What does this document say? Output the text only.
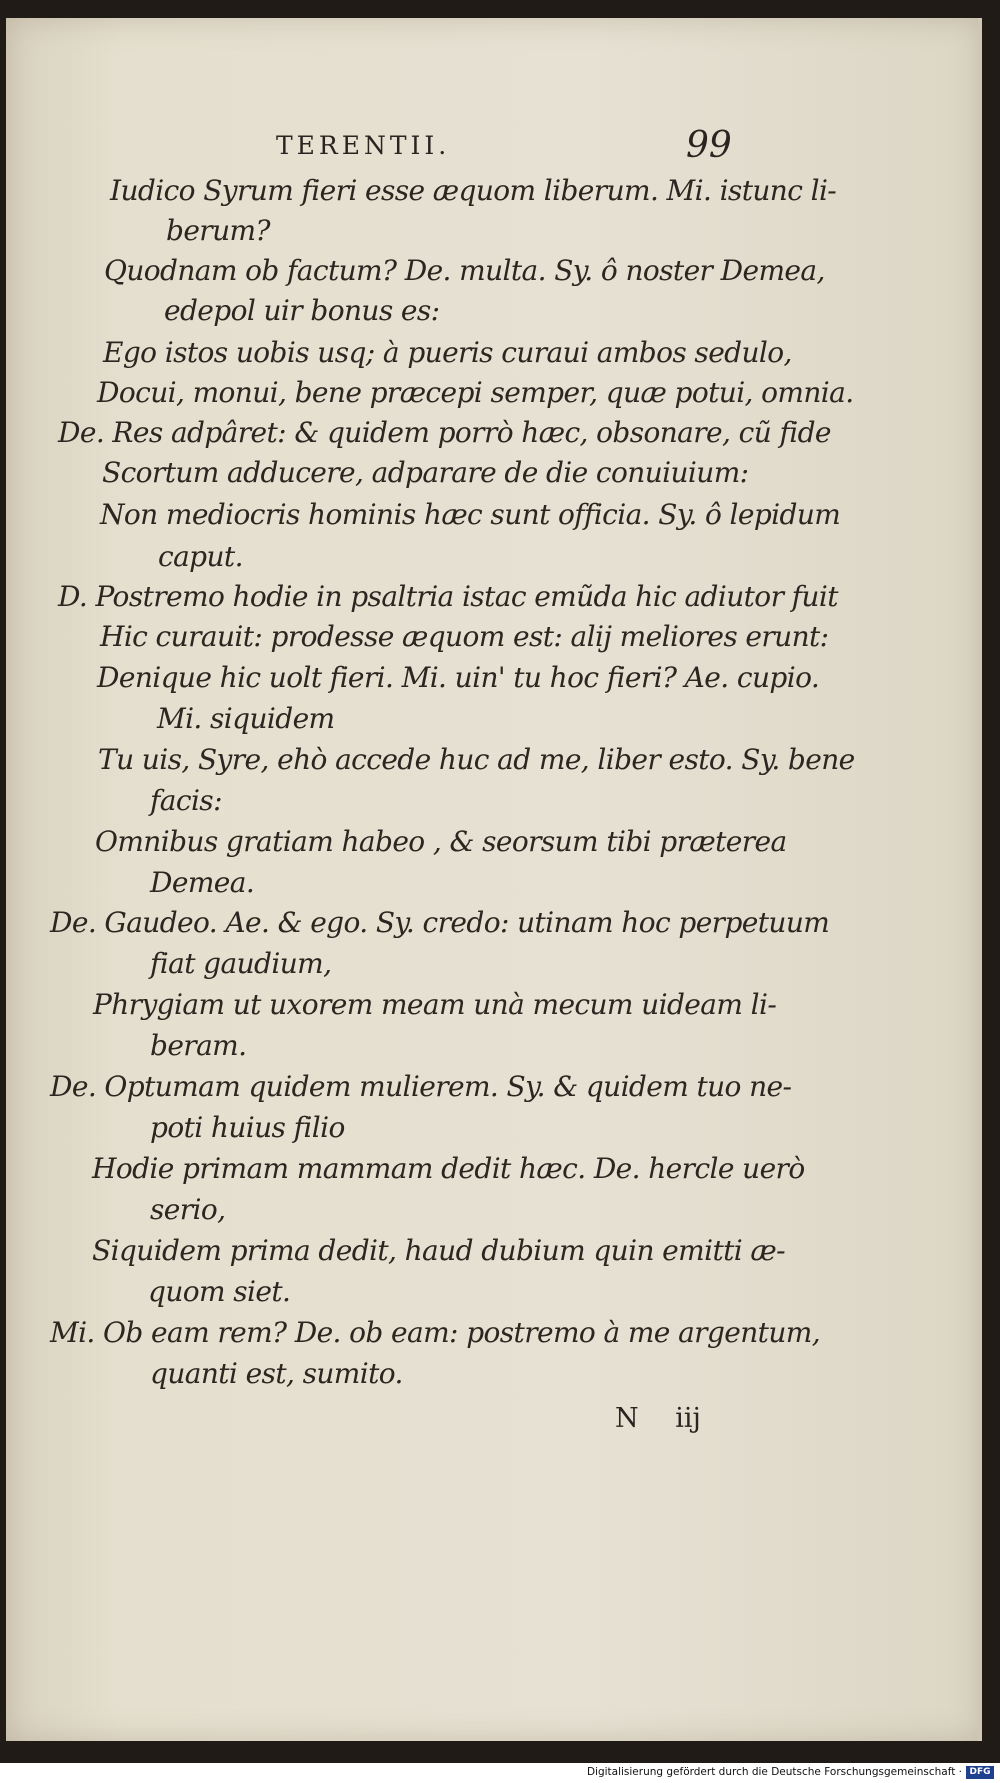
TERENTII.	99
Iudico Syrum fieri esse æquom liberum. Mi. istunc li-
berum?
Quodnam ob factum? De. multa. Sy. ô noster Demea,
edepol uir bonus es:
Ego istos uobis usq; à pueris curaui ambos sedulo,
Docui, monui, bene præcepi semper, quæ potui, omnia.
De. Res adpâret: & quidem porrò hæc, obsonare, cũ fide
Scortum adducere, adparare de die conuiuium:
Non mediocris hominis hæc sunt officia. Sy. ô lepidum
caput.
D. Postremo hodie in psaltria istac emũda hic adiutor fuit
Hic curauit: prodesse æquom est: alij meliores erunt:
Denique hic uolt fieri. Mi. uin' tu hoc fieri? Ae. cupio.
Mi. siquidem
Tu uis, Syre, ehò accede huc ad me, liber esto. Sy. bene
facis:
Omnibus gratiam habeo , & seorsum tibi præterea
Demea.
De. Gaudeo. Ae. & ego. Sy. credo: utinam hoc perpetuum
fiat gaudium,
Phrygiam ut uxorem meam unà mecum uideam li-
beram.
De. Optumam quidem mulierem. Sy. & quidem tuo ne-
poti huius filio
Hodie primam mammam dedit hæc. De. hercle uerò
serio,
Siquidem prima dedit, haud dubium quin emitti æ-
quom siet.
Mi. Ob eam rem? De. ob eam: postremo à me argentum,
quanti est, sumito.
N iij
Digitalisierung gefördert durch die Deutsche Forschungsgemeinschaft · DFG
